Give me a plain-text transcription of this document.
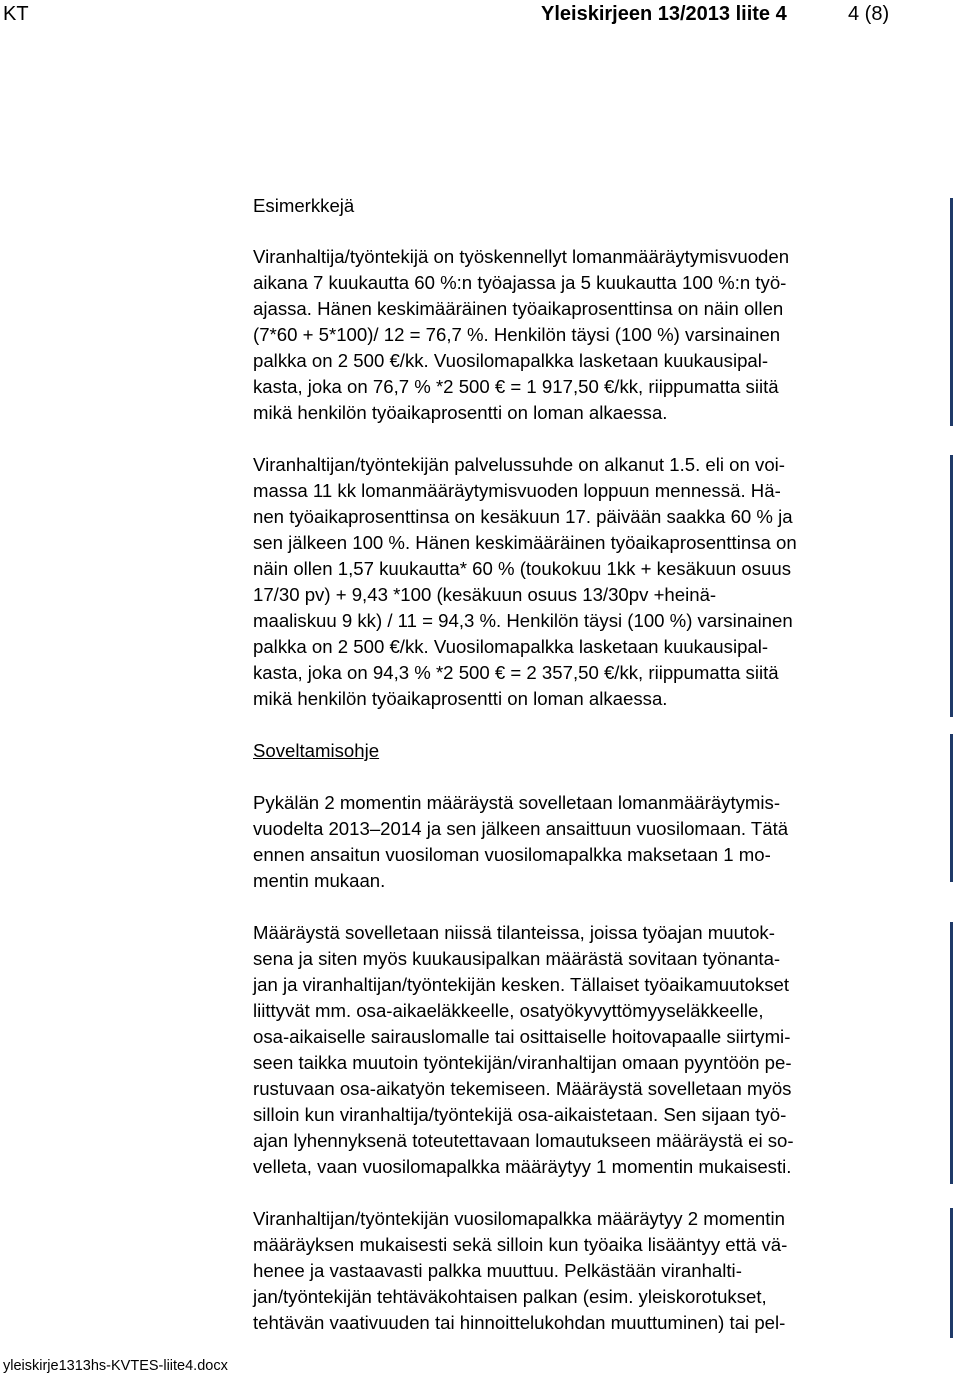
KT	Yleiskirjeen 13/2013 liite 4	4 (8)
Esimerkkejä
Viranhaltija/työntekijä on työskennellyt lomanmääräytymisvuoden
aikana 7 kuukautta 60 %:n työajassa ja 5 kuukautta 100 %:n työ-
ajassa. Hänen keskimääräinen työaikaprosenttinsa on näin ollen
(7*60 + 5*100)/ 12 = 76,7 %. Henkilön täysi (100 %) varsinainen
palkka on 2 500 €/kk. Vuosilomapalkka lasketaan kuukausipal-
kasta, joka on 76,7 % *2 500 € = 1 917,50 €/kk, riippumatta siitä
mikä henkilön työaikaprosentti on loman alkaessa.
Viranhaltijan/työntekijän palvelussuhde on alkanut 1.5. eli on voi-
massa 11 kk lomanmääräytymisvuoden loppuun mennessä. Hä-
nen työaikaprosenttinsa on kesäkuun 17. päivään saakka 60 % ja
sen jälkeen 100 %. Hänen keskimääräinen työaikaprosenttinsa on
näin ollen 1,57 kuukautta* 60 % (toukokuu 1kk + kesäkuun osuus
17/30 pv) + 9,43 *100 (kesäkuun osuus 13/30pv +heinä-
maaliskuu 9 kk) / 11 = 94,3 %. Henkilön täysi (100 %) varsinainen
palkka on 2 500 €/kk. Vuosilomapalkka lasketaan kuukausipal-
kasta, joka on 94,3 % *2 500 € = 2 357,50 €/kk, riippumatta siitä
mikä henkilön työaikaprosentti on loman alkaessa.
Soveltamisohje
Pykälän 2 momentin määräystä sovelletaan lomanmääräytymis-
vuodelta 2013–2014 ja sen jälkeen ansaittuun vuosilomaan. Tätä
ennen ansaitun vuosiloman vuosilomapalkka maksetaan 1 mo-
mentin mukaan.
Määräystä sovelletaan niissä tilanteissa, joissa työajan muutok-
sena ja siten myös kuukausipalkan määrästä sovitaan työnanta-
jan ja viranhaltijan/työntekijän kesken. Tällaiset työaikamuutokset
liittyvät mm. osa-aikaeläkkeelle, osatyökyvyttömyyseläkkeelle,
osa-aikaiselle sairauslomalle tai osittaiselle hoitovapaalle siirtymi-
seen taikka muutoin työntekijän/viranhaltijan omaan pyyntöön pe-
rustuvaan osa-aikatyön tekemiseen. Määräystä sovelletaan myös
silloin kun viranhaltija/työntekijä osa-aikaistetaan. Sen sijaan työ-
ajan lyhennyksenä toteutettavaan lomautukseen määräystä ei so-
velleta, vaan vuosilomapalkka määräytyy 1 momentin mukaisesti.
Viranhaltijan/työntekijän vuosilomapalkka määräytyy 2 momentin
määräyksen mukaisesti sekä silloin kun työaika lisääntyy että vä-
henee ja vastaavasti palkka muuttuu. Pelkästään viranhalti-
jan/työntekijän tehtäväkohtaisen palkan (esim. yleiskorotukset,
tehtävän vaativuuden tai hinnoittelukohdan muuttuminen) tai pel-
yleiskirje1313hs-KVTES-liite4.docx
